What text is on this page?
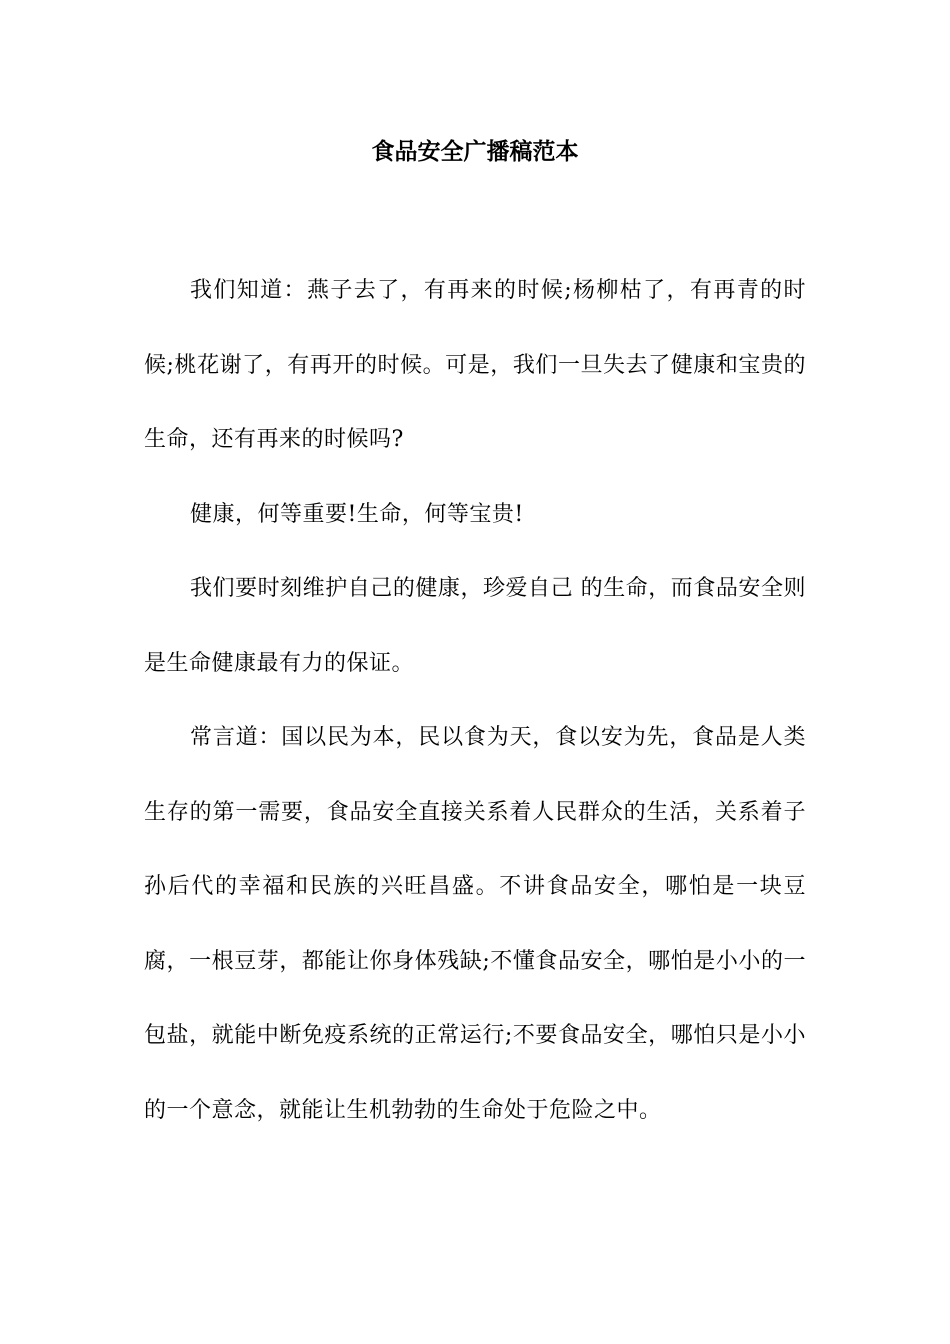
食品安全广播稿范本

我们知道：燕子去了，有再来的时候;杨柳枯了，有再青的时候;桃花谢了，有再开的时候。可是，我们一旦失去了健康和宝贵的生命，还有再来的时候吗?

健康，何等重要!生命，何等宝贵!

我们要时刻维护自己的健康，珍爱自己 的生命，而食品安全则是生命健康最有力的保证。

常言道：国以民为本，民以食为天，食以安为先，食品是人类生存的第一需要，食品安全直接关系着人民群众的生活，关系着子孙后代的幸福和民族的兴旺昌盛。不讲食品安全，哪怕是一块豆腐，一根豆芽，都能让你身体残缺;不懂食品安全，哪怕是小小的一包盐，就能中断免疫系统的正常运行;不要食品安全，哪怕只是小小的一个意念，就能让生机勃勃的生命处于危险之中。
